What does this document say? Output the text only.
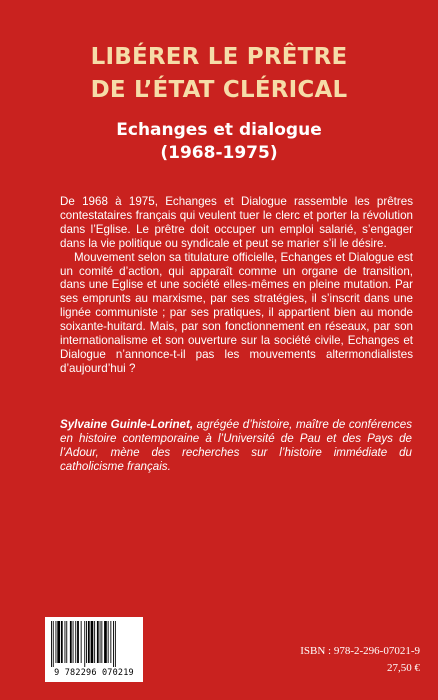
LIBÉRER LE PRÊTRE
DE L’ÉTAT CLÉRICAL
Echanges et dialogue
(1968-1975)

De 1968 à 1975, Echanges et Dialogue rassemble les prêtres contestataires français qui veulent tuer le clerc et porter la révolution dans l’Eglise. Le prêtre doit occuper un emploi salarié, s’engager dans la vie politique ou syndicale et peut se marier s’il le désire.

Mouvement selon sa titulature officielle, Echanges et Dialogue est un comité d’action, qui apparaît comme un organe de transition, dans une Eglise et une société elles-mêmes en pleine mutation. Par ses emprunts au marxisme, par ses stratégies, il s’inscrit dans une lignée communiste ; par ses pratiques, il appartient bien au monde soixante-huitard. Mais, par son fonctionnement en réseaux, par son internationalisme et son ouverture sur la société civile, Echanges et Dialogue n’annonce-t-il pas les mouvements altermondialistes d’aujourd’hui ?

Sylvaine Guinle-Lorinet, agrégée d’histoire, maître de conférences en histoire contemporaine à l’Université de Pau et des Pays de l’Adour, mène des recherches sur l’histoire immédiate du catholicisme français.

9 782296 070219
ISBN : 978-2-296-07021-9
27,50 €
